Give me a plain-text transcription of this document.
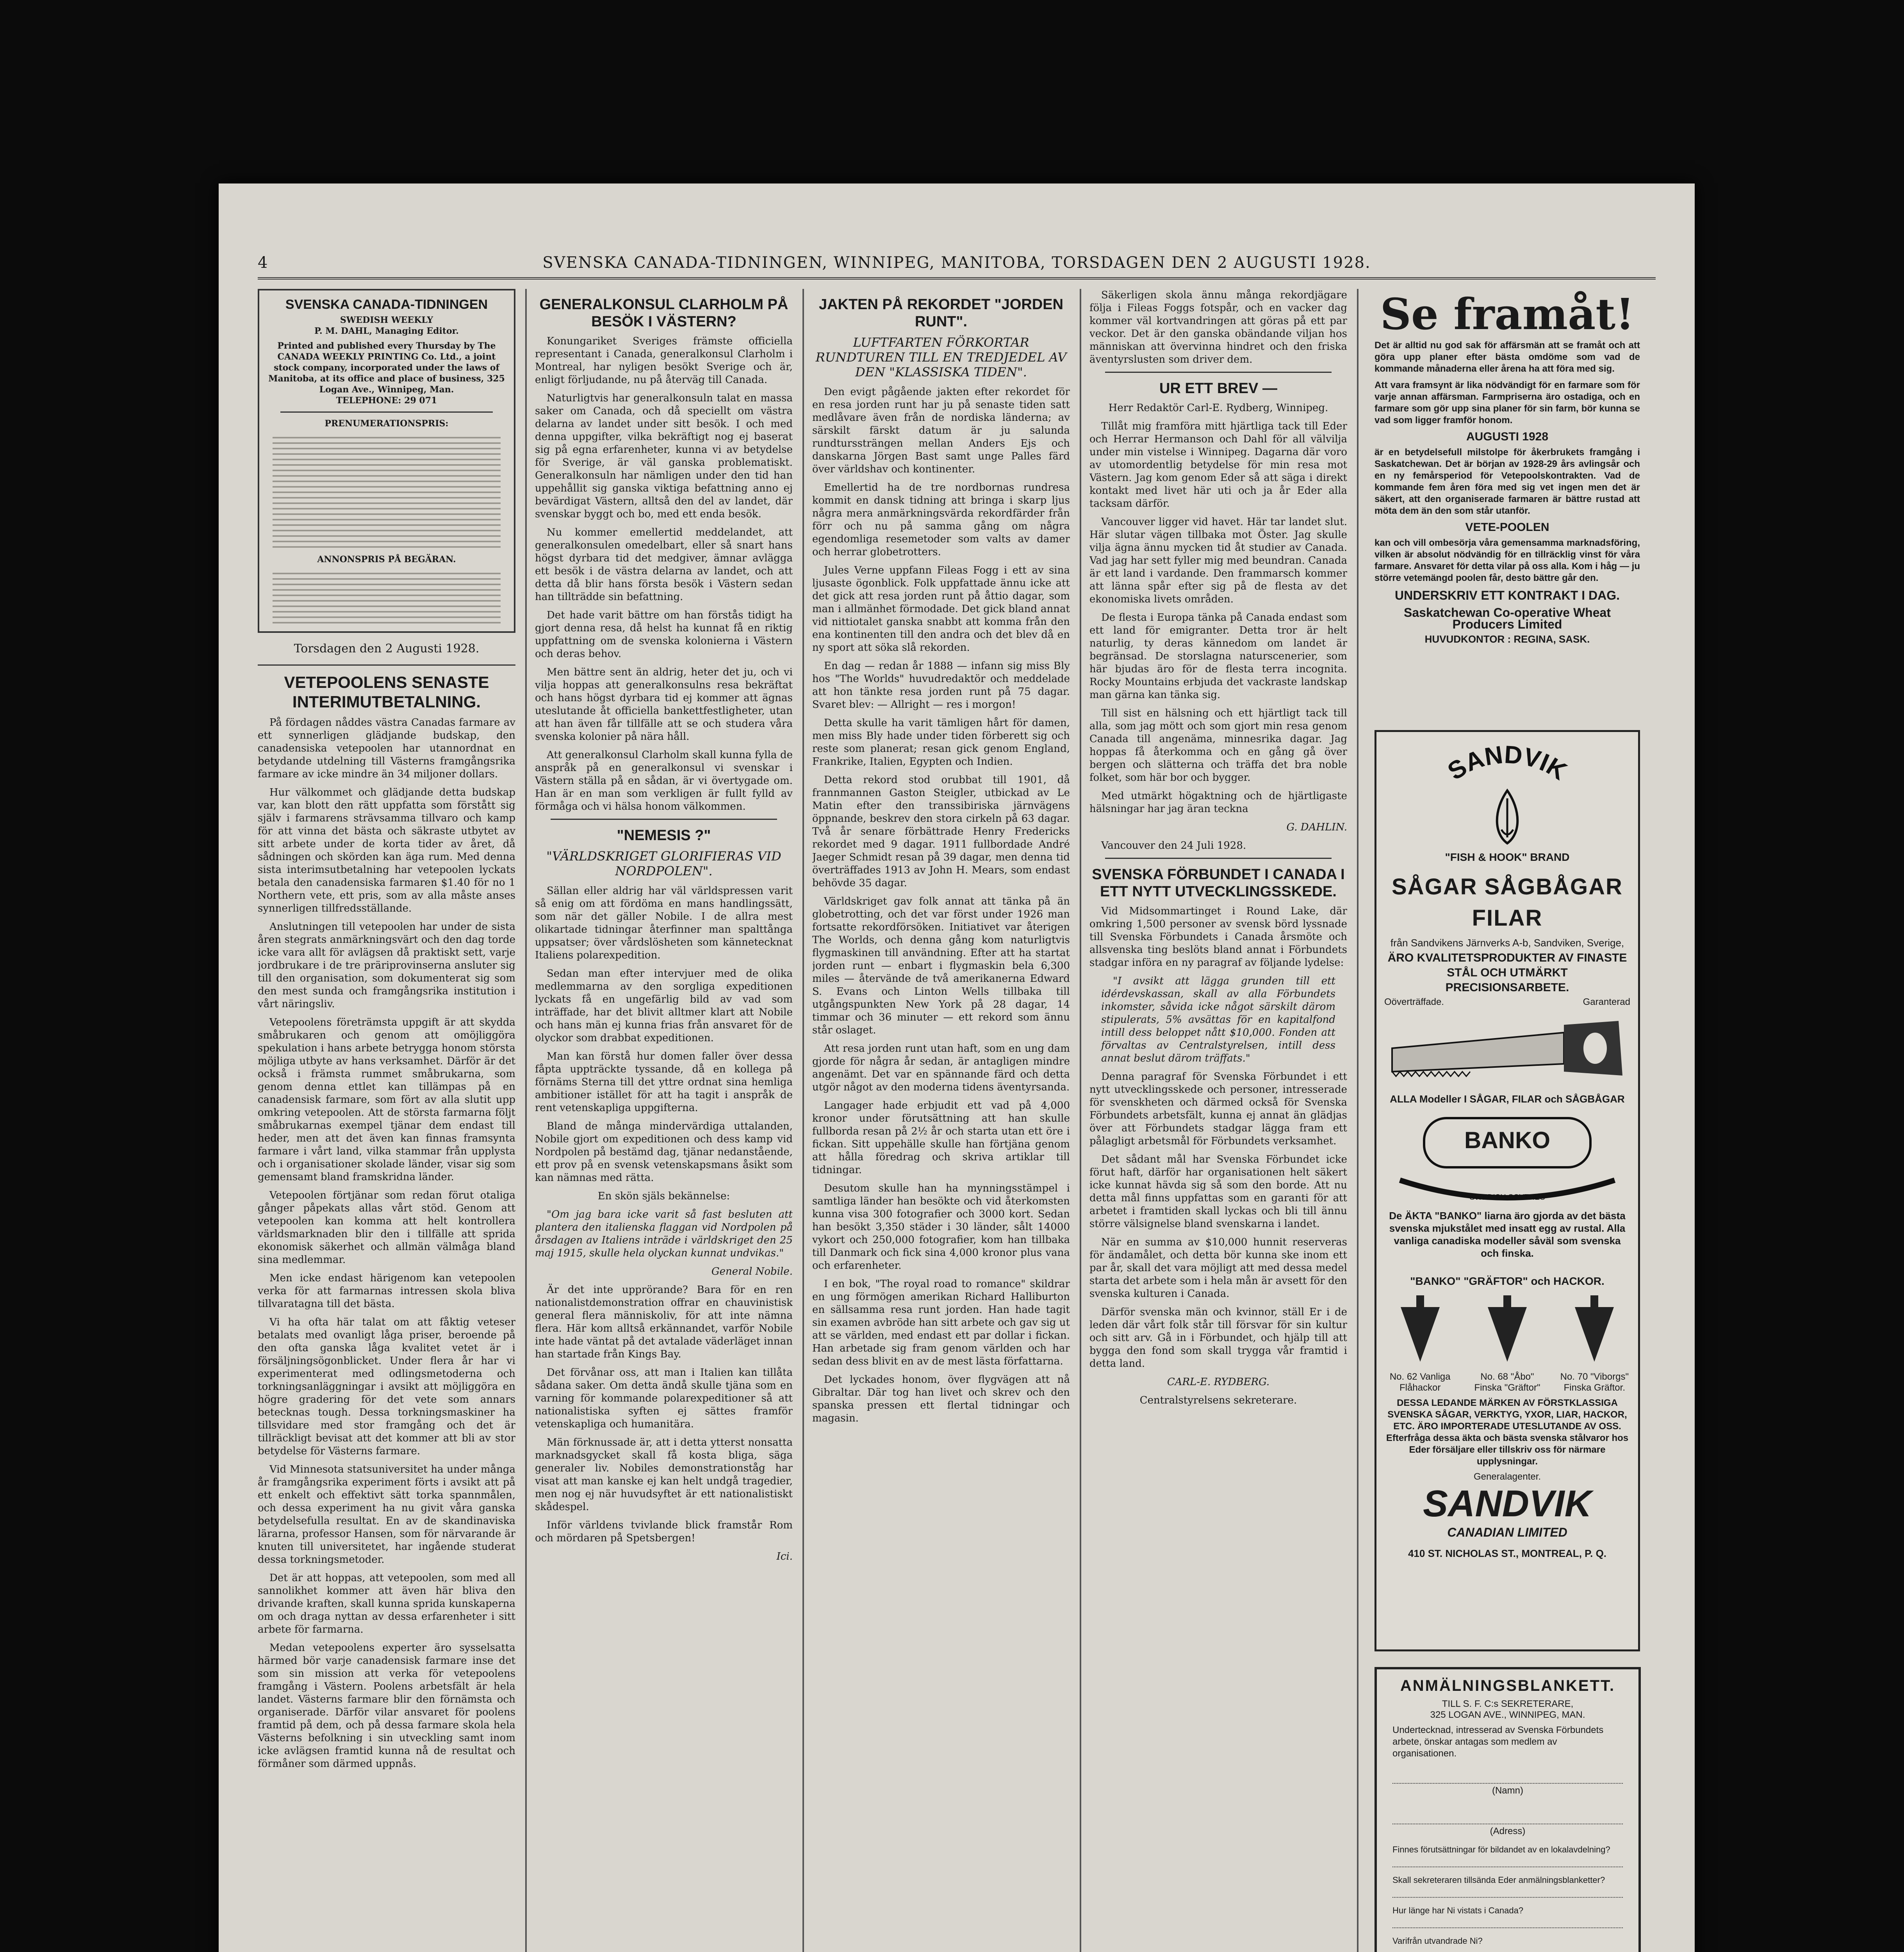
4	SVENSKA CANADA-TIDNINGEN, WINNIPEG, MANITOBA, TORSDAGEN DEN 2 AUGUSTI 1928.
SVENSKA CANADA-TIDNINGEN
SWEDISH WEEKLY
P. M. DAHL, Managing Editor.
Printed and published every Thursday by The CANADA WEEKLY PRINTING Co. Ltd., a joint stock company, incorporated under the laws of Manitoba, at its office and place of business, 325 Logan Ave., Winnipeg, Man.
TELEPHONE: 29 071
PRENUMERATIONSPRIS:
ANNONSPRIS PÅ BEGÄRAN.
Torsdagen den 2 Augusti 1928.
VETEPOOLENS SENASTE INTERIMUTBETALNING.

På fördagen nåddes västra Canadas farmare av ett synnerligen glädjande budskap, den canadensiska vetepoolen har utannordnat en betydande utdelning till Västerns framgångsrika farmare av icke mindre än 34 miljoner dollars.

Hur välkommet och glädjande detta budskap var, kan blott den rätt uppfatta som förstått sig själv i farmarens strävsamma tillvaro och kamp för att vinna det bästa och säkraste utbytet av sitt arbete under de korta tider av året, då sådningen och skörden kan äga rum. Med denna sista interimsutbetalning har vetepoolen lyckats betala den canadensiska farmaren $1.40 för no 1 Northern vete, ett pris, som av alla måste anses synnerligen tillfredsställande.

Anslutningen till vetepoolen har under de sista åren stegrats anmärkningsvärt och den dag torde icke vara allt för avlägsen då praktiskt sett, varje jordbrukare i de tre präriprovinserna ansluter sig till den organisation, som dokumenterat sig som den mest sunda och framgångsrika institution i vårt näringsliv.

Vetepoolens företrämsta uppgift är att skydda småbrukaren och genom att omöjliggöra spekulation i hans arbete betrygga honom största möjliga utbyte av hans verksamhet. Därför är det också i främsta rummet småbrukarna, som genom denna ettlet kan tillämpas på en canadensisk farmare, som fört av alla slutit upp omkring vetepoolen. Att de största farmarna följt småbrukarnas exempel tjänar dem endast till heder, men att det även kan finnas framsynta farmare i vårt land, vilka stammar från upplysta och i organisationer skolade länder, visar sig som gemensamt bland framskridna länder.

Vetepoolen förtjänar som redan förut otaliga gånger påpekats allas vårt stöd. Genom att vetepoolen kan komma att helt kontrollera världsmarknaden blir den i tillfälle att sprida ekonomisk säkerhet och allmän välmåga bland sina medlemmar.

Men icke endast härigenom kan vetepoolen verka för att farmarnas intressen skola bliva tillvaratagna till det bästa.

Vi ha ofta här talat om att fåktig veteser betalats med ovanligt låga priser, beroende på den ofta ganska låga kvalitet vetet är i försäljningsögonblicket. Under flera år har vi experimenterat med odlingsmetoderna och torkningsanläggningar i avsikt att möjliggöra en högre gradering för det vete som annars betecknas tough. Dessa torkningsmaskiner ha tillsvidare med stor framgång och det är tillräckligt bevisat att det kommer att bli av stor betydelse för Västerns farmare.

Vid Minnesota statsuniversitet ha under många år framgångsrika experiment förts i avsikt att på ett enkelt och effektivt sätt torka spannmålen, och dessa experiment ha nu givit våra ganska betydelsefulla resultat. En av de skandinaviska lärarna, professor Hansen, som för närvarande är knuten till universitetet, har ingående studerat dessa torkningsmetoder.

Det är att hoppas, att vetepoolen, som med all sannolikhet kommer att även här bliva den drivande kraften, skall kunna sprida kunskaperna om och draga nyttan av dessa erfarenheter i sitt arbete för farmarna.

Medan vetepoolens experter äro sysselsatta härmed bör varje canadensisk farmare inse det som sin mission att verka för vetepoolens framgång i Västern. Poolens arbetsfält är hela landet. Västerns farmare blir den förnämsta och organiserade. Därför vilar ansvaret för poolens framtid på dem, och på dessa farmare skola hela Västerns befolkning i sin utveckling samt inom icke avlägsen framtid kunna nå de resultat och förmåner som därmed uppnås.

GENERALKONSUL CLARHOLM PÅ BESÖK I VÄSTERN?

Konungariket Sveriges främste officiella representant i Canada, generalkonsul Clarholm i Montreal, har nyligen besökt Sverige och är, enligt förljudande, nu på återväg till Canada.

Naturligtvis har generalkonsuln talat en massa saker om Canada, och då speciellt om västra delarna av landet under sitt besök. I och med denna uppgifter, vilka bekräftigt nog ej baserat sig på egna erfarenheter, kunna vi av betydelse för Sverige, är väl ganska problematiskt. Generalkonsuln har nämligen under den tid han uppehållit sig ganska viktiga befattning anno ej bevärdigat Västern, alltså den del av landet, där svenskar byggt och bo, med ett enda besök.

Nu kommer emellertid meddelandet, att generalkonsulen omedelbart, eller så snart hans högst dyrbara tid det medgiver, ämnar avlägga ett besök i de västra delarna av landet, och att detta då blir hans första besök i Västern sedan han tillträdde sin befattning.

Det hade varit bättre om han förstås tidigt ha gjort denna resa, då helst ha kunnat få en riktig uppfattning om de svenska kolonierna i Västern och deras behov.

Men bättre sent än aldrig, heter det ju, och vi vilja hoppas att generalkonsulns resa bekräftat och hans högst dyrbara tid ej kommer att ägnas uteslutande åt officiella bankettfestligheter, utan att han även får tillfälle att se och studera våra svenska kolonier på nära håll.

Att generalkonsul Clarholm skall kunna fylla de anspråk på en generalkonsul vi svenskar i Västern ställa på en sådan, är vi övertygade om. Han är en man som verkligen är fullt fylld av förmåga och vi hälsa honom välkommen.

"NEMESIS ?"
"VÄRLDSKRIGET GLORIFIERAS VID NORDPOLEN".

Sällan eller aldrig har väl världspressen varit så enig om att fördöma en mans handlingssätt, som när det gäller Nobile. I de allra mest olikartade tidningar återfinner man spalttånga uppsatser; över vårdslösheten som kännetecknat Italiens polarexpedition.

Sedan man efter intervjuer med de olika medlemmarna av den sorgliga expeditionen lyckats få en ungefärlig bild av vad som inträffade, har det blivit alltmer klart att Nobile och hans män ej kunna frias från ansvaret för de olyckor som drabbat expeditionen.

Man kan förstå hur domen faller över dessa fåpta uppträckte tyssande, då en kollega på förnäms Sterna till det yttre ordnat sina hemliga ambitioner istället för att ha tagit i anspråk de rent vetenskapliga uppgifterna.

Bland de många mindervärdiga uttalanden, Nobile gjort om expeditionen och dess kamp vid Nordpolen på bestämd dag, tjänar nedanstående, ett prov på en svensk vetenskapsmans åsikt som kan nämnas med rätta.

En skön själs bekännelse:

"Om jag bara icke varit så fast besluten att plantera den italienska flaggan vid Nordpolen på årsdagen av Italiens inträde i världskriget den 25 maj 1915, skulle hela olyckan kunnat undvikas."

General Nobile.

Är det inte upprörande? Bara för en ren nationalistdemonstration offrar en chauvinistisk general flera människoliv, för att inte nämna flera. Här kom alltså erkännandet, varför Nobile inte hade väntat på det avtalade väderläget innan han startade från Kings Bay.

Det förvånar oss, att man i Italien kan tillåta sådana saker. Om detta ändå skulle tjäna som en varning för kommande polarexpeditioner så att nationalistiska syften ej sättes framför vetenskapliga och humanitära.

Män förknussade är, att i detta ytterst nonsatta marknadsgycket skall få kosta bliga, säga generaler liv. Nobiles demonstrationståg har visat att man kanske ej kan helt undgå tragedier, men nog ej när huvudsyftet är ett nationalistiskt skådespel.

Inför världens tvivlande blick framstår Rom och mördaren på Spetsbergen!

Ici.

JAKTEN PÅ REKORDET "JORDEN RUNT".
LUFTFARTEN FÖRKORTAR RUNDTUREN TILL EN TREDJEDEL AV DEN "KLASSISKA TIDEN".

Den evigt pågående jakten efter rekordet för en resa jorden runt har ju på senaste tiden satt medlåvare även från de nordiska länderna; av särskilt färskt datum är ju salunda rundturssträngen mellan Anders Ejs och danskarna Jörgen Bast samt unge Palles färd över världshav och kontinenter.

Emellertid ha de tre nordbornas rundresa kommit en dansk tidning att bringa i skarp ljus några mera anmärkningsvärda rekordfärder från förr och nu på samma gång om några egendomliga resemetoder som valts av damer och herrar globetrotters.

Jules Verne uppfann Fileas Fogg i ett av sina ljusaste ögonblick. Folk uppfattade ännu icke att det gick att resa jorden runt på åttio dagar, som man i allmänhet förmodade. Det gick bland annat vid nittiotalet ganska snabbt att komma från den ena kontinenten till den andra och det blev då en ny sport att söka slå rekorden.

En dag — redan år 1888 — infann sig miss Bly hos "The Worlds" huvudredaktör och meddelade att hon tänkte resa jorden runt på 75 dagar. Svaret blev: — Allright — res i morgon!

Detta skulle ha varit tämligen hårt för damen, men miss Bly hade under tiden förberett sig och reste som planerat; resan gick genom England, Frankrike, Italien, Egypten och Indien.

Detta rekord stod orubbat till 1901, då frannmannen Gaston Steigler, utbickad av Le Matin efter den transsibiriska järnvägens öppnande, beskrev den stora cirkeln på 63 dagar. Två år senare förbättrade Henry Fredericks rekordet med 9 dagar. 1911 fullbordade André Jaeger Schmidt resan på 39 dagar, men denna tid överträffades 1913 av John H. Mears, som endast behövde 35 dagar.

Världskriget gav folk annat att tänka på än globetrotting, och det var först under 1926 man fortsatte rekordförsöken. Initiativet var återigen The Worlds, och denna gång kom naturligtvis flygmaskinen till användning. Efter att ha startat jorden runt — enbart i flygmaskin bela 6,300 miles — återvände de två amerikanerna Edward S. Evans och Linton Wells tillbaka till utgångspunkten New York på 28 dagar, 14 timmar och 36 minuter — ett rekord som ännu står oslaget.

Att resa jorden runt utan haft, som en ung dam gjorde för några år sedan, är antagligen mindre angenämt. Det var en spännande färd och detta utgör något av den moderna tidens äventyrsanda.

Langager hade erbjudit ett vad på 4,000 kronor under förutsättning att han skulle fullborda resan på 2½ år och starta utan ett öre i fickan. Sitt uppehälle skulle han förtjäna genom att hålla föredrag och skriva artiklar till tidningar.

Desutom skulle han ha mynningsstämpel i samtliga länder han besökte och vid återkomsten kunna visa 300 fotografier och 3000 kort. Sedan han besökt 3,350 städer i 30 länder, sålt 14000 vykort och 250,000 fotografier, kom han tillbaka till Danmark och fick sina 4,000 kronor plus vana och erfarenheter.

I en bok, "The royal road to romance" skildrar en ung förmögen amerikan Richard Halliburton en sällsamma resa runt jorden. Han hade tagit sin examen avbröde han sitt arbete och gav sig ut att se världen, med endast ett par dollar i fickan. Han arbetade sig fram genom världen och har sedan dess blivit en av de mest lästa författarna.

Det lyckades honom, över flygvägen att nå Gibraltar. Där tog han livet och skrev och den spanska pressen ett flertal tidningar och magasin.

Säkerligen skola ännu många rekordjägare följa i Fileas Foggs fotspår, och en vacker dag kommer väl kortvandringen att göras på ett par veckor. Det är den ganska obändande viljan hos människan att övervinna hindret och den friska äventyrslusten som driver dem.

UR ETT BREV —

Herr Redaktör Carl-E. Rydberg, Winnipeg.

Tillåt mig framföra mitt hjärtliga tack till Eder och Herrar Hermanson och Dahl för all välvilja under min vistelse i Winnipeg. Dagarna där voro av utomordentlig betydelse för min resa mot Västern. Jag kom genom Eder så att säga i direkt kontakt med livet här uti och ja år Eder alla tacksam därför.

Vancouver ligger vid havet. Här tar landet slut. Här slutar vägen tillbaka mot Öster. Jag skulle vilja ägna ännu mycken tid åt studier av Canada. Vad jag har sett fyller mig med beundran. Canada är ett land i vardande. Den frammarsch kommer att länna spår efter sig på de flesta av det ekonomiska livets områden.

De flesta i Europa tänka på Canada endast som ett land för emigranter. Detta tror är helt naturlig, ty deras kännedom om landet är begränsad. De storslagna naturscenerier, som här bjudas äro för de flesta terra incognita. Rocky Mountains erbjuda det vackraste landskap man gärna kan tänka sig.

Till sist en hälsning och ett hjärtligt tack till alla, som jag mött och som gjort min resa genom Canada till angenäma, minnesrika dagar. Jag hoppas få återkomma och en gång gå över bergen och slätterna och träffa det bra noble folket, som här bor och bygger.

Med utmärkt högaktning och de hjärtligaste hälsningar har jag äran teckna

G. DAHLIN.

Vancouver den 24 Juli 1928.

SVENSKA FÖRBUNDET I CANADA I ETT NYTT UTVECKLINGSSKEDE.

Vid Midsommartinget i Round Lake, där omkring 1,500 personer av svensk börd lyssnade till Svenska Förbundets i Canada årsmöte och allsvenska ting beslöts bland annat i Förbundets stadgar införa en ny paragraf av följande lydelse:

"I avsikt att lägga grunden till ett idérdevskassan, skall av alla Förbundets inkomster, såvida icke något särskilt därom stipulerats, 5% avsättas för en kapitalfond intill dess beloppet nått $10,000. Fonden att förvaltas av Centralstyrelsen, intill dess annat beslut därom träffats."

Denna paragraf för Svenska Förbundet i ett nytt utvecklingsskede och personer, intresserade för svenskheten och därmed också för Svenska Förbundets arbetsfält, kunna ej annat än glädjas över att Förbundets stadgar lägga fram ett pålagligt arbetsmål för Förbundets verksamhet.

Det sådant mål har Svenska Förbundet icke förut haft, därför har organisationen helt säkert icke kunnat hävda sig så som den borde. Att nu detta mål finns uppfattas som en garanti för att arbetet i framtiden skall lyckas och bli till ännu större välsignelse bland svenskarna i landet.

När en summa av $10,000 hunnit reserveras för ändamålet, och detta bör kunna ske inom ett par år, skall det vara möjligt att med dessa medel starta det arbete som i hela mån är avsett för den svenska kulturen i Canada.

Därför svenska män och kvinnor, ställ Er i de leden där vårt folk står till försvar för sin kultur och sitt arv. Gå in i Förbundet, och hjälp till att bygga den fond som skall trygga vår framtid i detta land.

CARL-E. RYDBERG.

Centralstyrelsens sekreterare.

Se framåt!

Det är alltid nu god sak för affärsmän att se framåt och att göra upp planer efter bästa omdöme som vad de kommande månaderna eller årena ha att föra med sig.

Att vara framsynt är lika nödvändigt för en farmare som för varje annan affärsman. Farmpriserna äro ostadiga, och en farmare som gör upp sina planer för sin farm, bör kunna se vad som ligger framför honom.

AUGUSTI 1928

är en betydelsefull milstolpe för åkerbrukets framgång i Saskatchewan. Det är början av 1928-29 års avlingsår och en ny femårsperiod för Vetepoolskontrakten. Vad de kommande fem åren föra med sig vet ingen men det är säkert, att den organiserade farmaren är bättre rustad att möta dem än den som står utanför.

VETE-POOLEN

kan och vill ombesörja våra gemensamma marknadsföring, vilken är absolut nödvändig för en tillräcklig vinst för våra farmare. Ansvaret för detta vilar på oss alla. Kom i håg — ju större vetemängd poolen får, desto bättre går den.

UNDERSKRIV ETT KONTRAKT I DAG.
Saskatchewan Co-operative Wheat Producers Limited
HUVUDKONTOR : REGINA, SASK.
SANDVIK
"FISH & HOOK" BRAND
SÅGAR SÅGBÅGAR FILAR
från Sandvikens Järnverks A-b, Sandviken, Sverige,
ÄRO KVALITETSPRODUKTER AV FINASTE STÅL OCH UTMÄRKT PRECISIONSARBETE.
Oöverträffade.	Garanterad
ALLA Modeller I SÅGAR, FILAR och SÅGBÅGAR
BANKO
SWEDISH SCYTHES
De ÄKTA "BANKO" liarna äro gjorda av det bästa svenska mjukstålet med insatt egg av rustal. Alla vanliga canadiska modeller såväl som svenska och finska.
"BANKO" "GRÄFTOR" och HACKOR.
No. 62 Vanliga
Flåhackor
No. 68 "Åbo"
Finska "Gräftor"
No. 70 "Viborgs"
Finska Gräftor.
DESSA LEDANDE MÄRKEN AV FÖRSTKLASSIGA SVENSKA SÅGAR, VERKTYG, YXOR, LIAR, HACKOR, ETC. ÄRO IMPORTERADE UTESLUTANDE AV OSS. Efterfråga dessa äkta och bästa svenska stålvaror hos Eder försäljare eller tillskriv oss för närmare upplysningar.
Generalagenter.
SANDVIK
CANADIAN LIMITED
410 ST. NICHOLAS ST., MONTREAL, P. Q.
ANMÄLNINGSBLANKETT.
TILL S. F. C:s SEKRETERARE,
325 LOGAN AVE., WINNIPEG, MAN.
Undertecknad, intresserad av Svenska Förbundets arbete, önskar antagas som medlem av organisationen.
(Namn)
(Adress)
Finnes förutsättningar för bildandet av en lokalavdelning?
Skall sekreteraren tillsända Eder anmälningsblanketter?
Hur länge har Ni vistats i Canada?
Varifrån utvandrade Ni?
